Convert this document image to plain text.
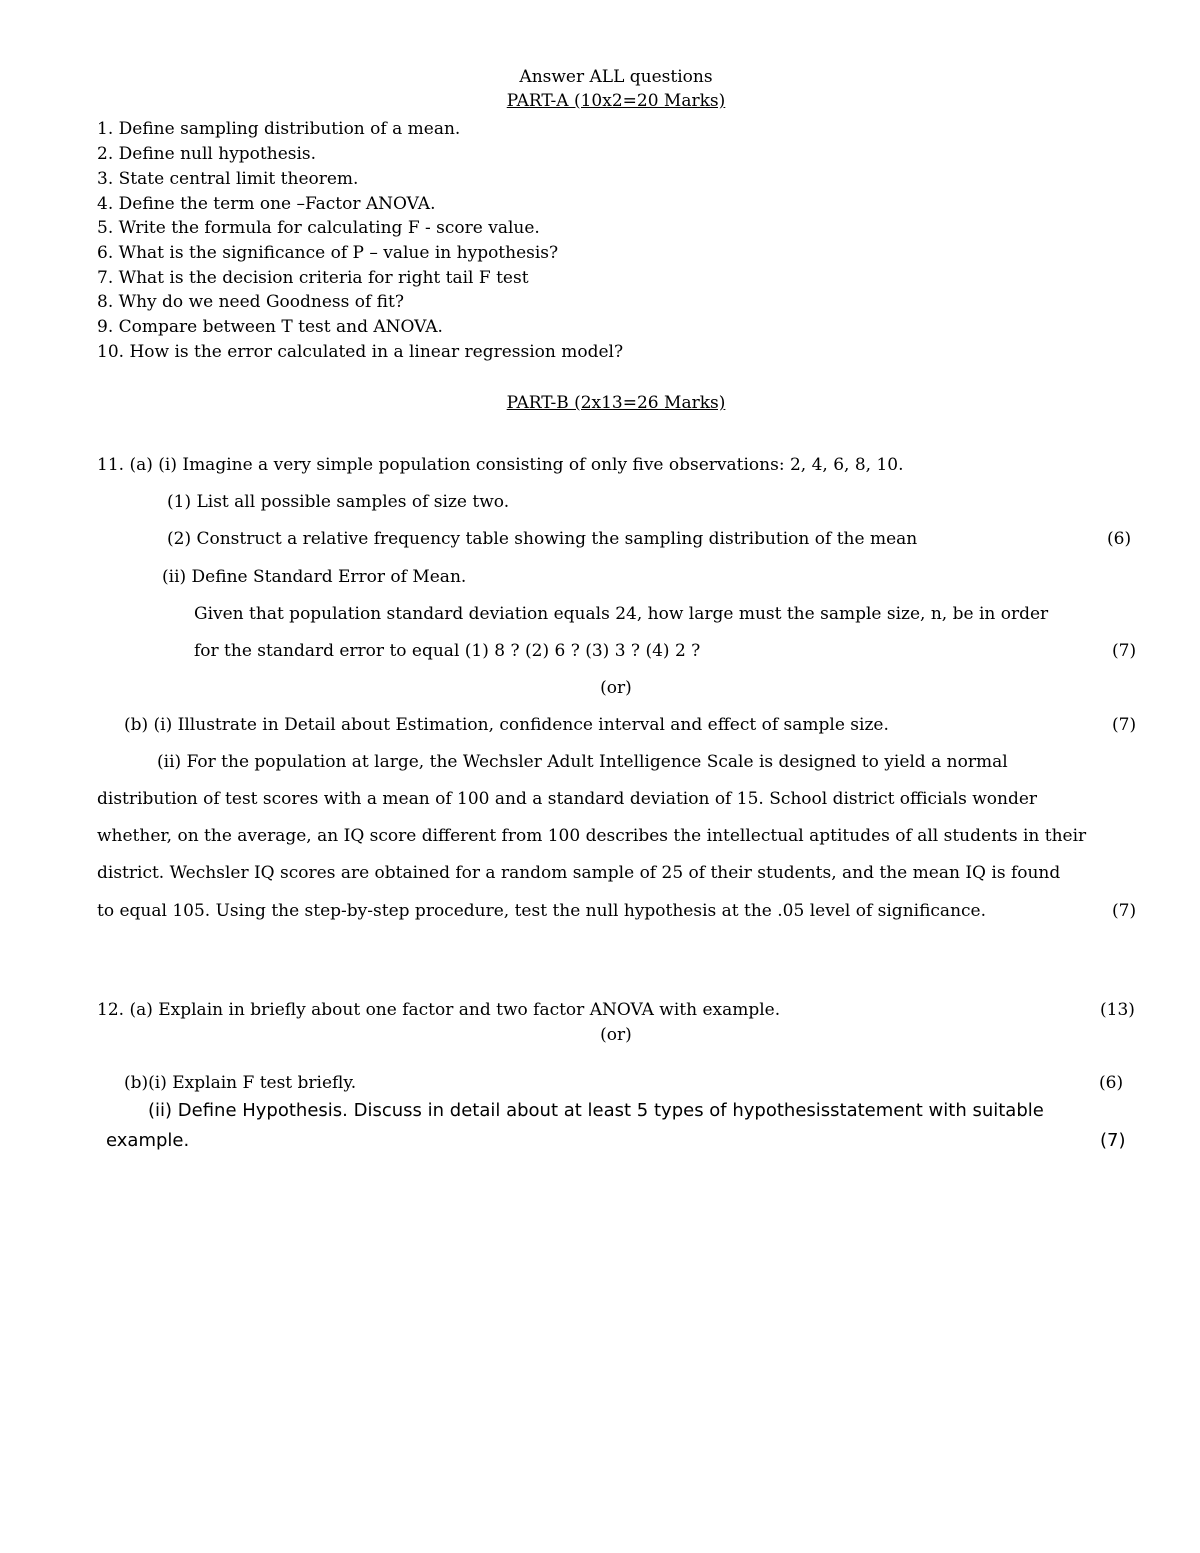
Answer ALL questions

PART-A (10x2=20 Marks)

1. Define sampling distribution of a mean.

2. Define null hypothesis.

3. State central limit theorem.

4. Define the term one –Factor ANOVA.

5. Write the formula for calculating F - score value.

6. What is the significance of P – value in hypothesis?

7. What is the decision criteria for right tail F test

8. Why do we need Goodness of fit?

9. Compare between T test and ANOVA.

10. How is the error calculated in a linear regression model?

PART-B (2x13=26 Marks)

11. (a) (i) Imagine a very simple population consisting of only five observations: 2, 4, 6, 8, 10.

(1) List all possible samples of size two.

(2) Construct a relative frequency table showing the sampling distribution of the mean	(6)

(ii) Define Standard Error of Mean.

Given that population standard deviation equals 24, how large must the sample size, n, be in order

for the standard error to equal (1) 8 ? (2) 6 ? (3) 3 ? (4) 2 ?	(7)

(or)

(b) (i) Illustrate in Detail about Estimation, confidence interval and effect of sample size.	(7)

(ii) For the population at large, the Wechsler Adult Intelligence Scale is designed to yield a normal

distribution of test scores with a mean of 100 and a standard deviation of 15. School district officials wonder

whether, on the average, an IQ score different from 100 describes the intellectual aptitudes of all students in their

district. Wechsler IQ scores are obtained for a random sample of 25 of their students, and the mean IQ is found

to equal 105. Using the step-by-step procedure, test the null hypothesis at the .05 level of significance.	(7)

12. (a) Explain in briefly about one factor and two factor ANOVA with example.	(13)

(or)

(b)(i) Explain F test briefly.	(6)

(ii) Define Hypothesis. Discuss in detail about at least 5 types of hypothesisstatement with suitable

example.	(7)
